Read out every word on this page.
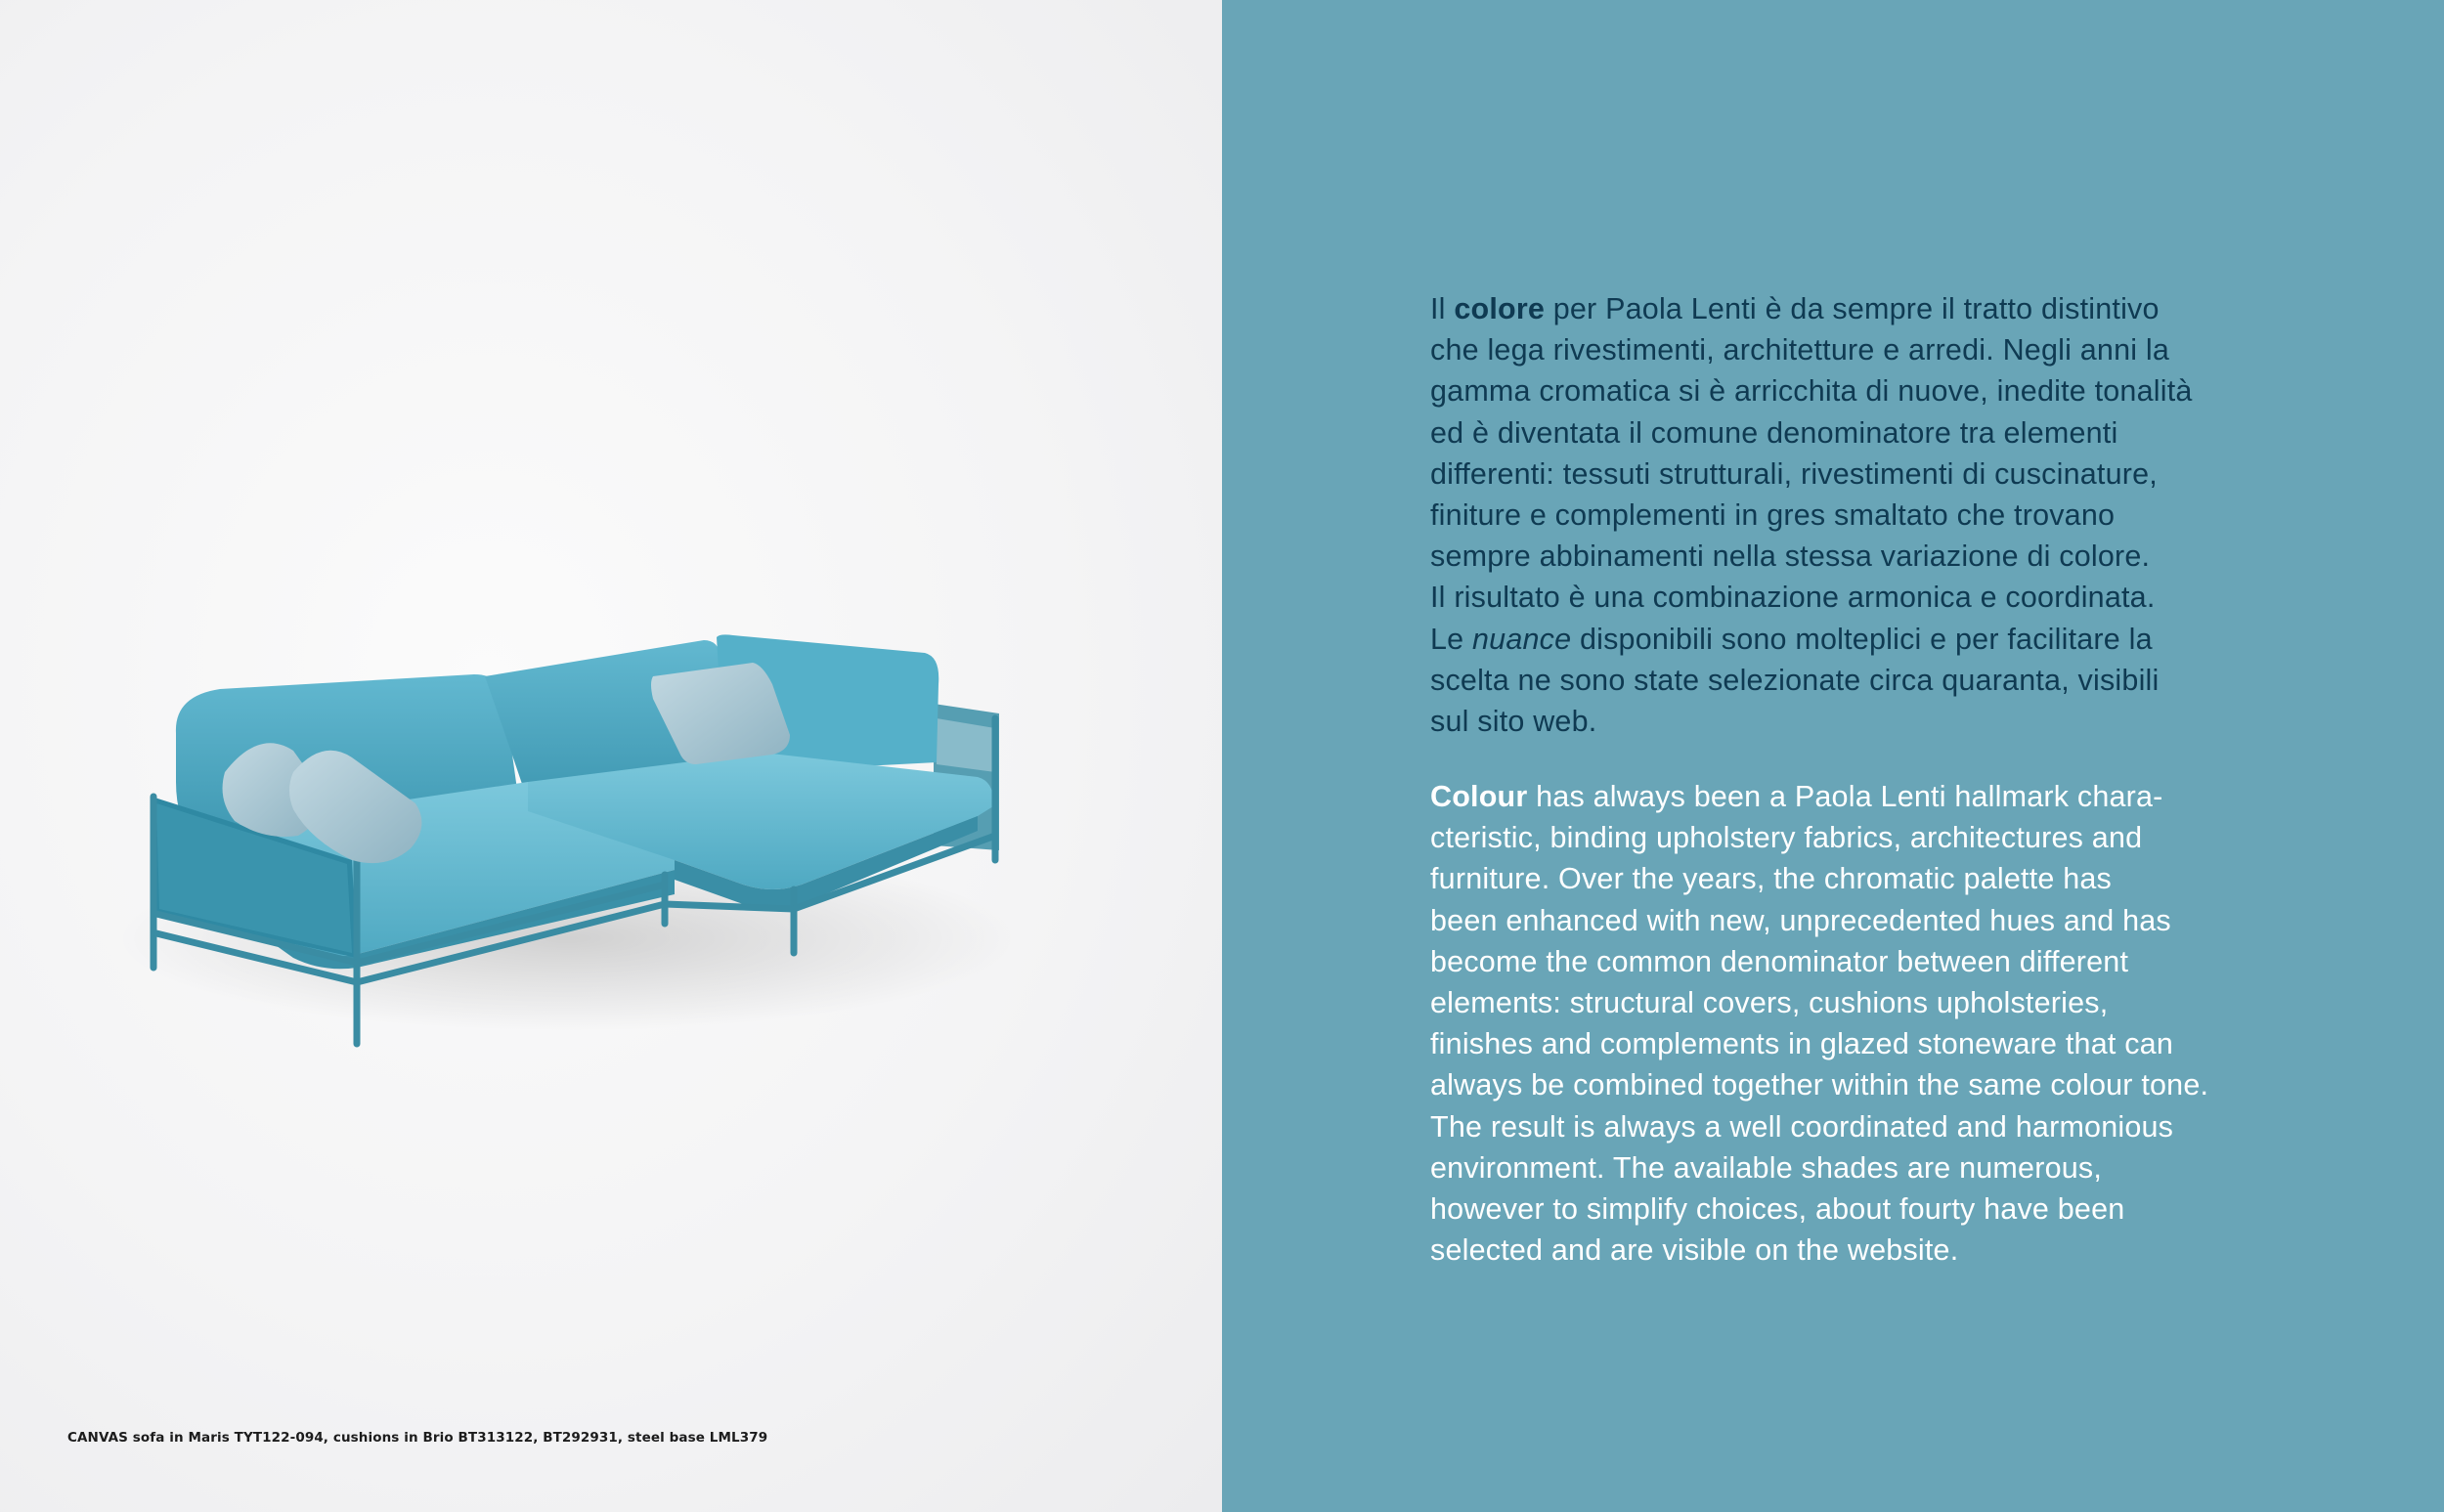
CANVAS sofa in Maris TYT122-094, cushions in Brio BT313122, BT292931, steel base LML379
Il colore per Paola Lenti è da sempre il tratto distintivo
che lega rivestimenti, architetture e arredi. Negli anni la
gamma cromatica si è arricchita di nuove, inedite tonalità
ed è diventata il comune denominatore tra elementi
differenti: tessuti strutturali, rivestimenti di cuscinature,
finiture e complementi in gres smaltato che trovano
sempre abbinamenti nella stessa variazione di colore.
Il risultato è una combinazione armonica e coordinata.
Le nuance disponibili sono molteplici e per facilitare la
scelta ne sono state selezionate circa quaranta, visibili
sul sito web.
Colour has always been a Paola Lenti hallmark chara-
cteristic, binding upholstery fabrics, architectures and
furniture. Over the years, the chromatic palette has
been enhanced with new, unprecedented hues and has
become the common denominator between different
elements: structural covers, cushions upholsteries,
finishes and complements in glazed stoneware that can
always be combined together within the same colour tone.
The result is always a well coordinated and harmonious
environment. The available shades are numerous,
however to simplify choices, about fourty have been
selected and are visible on the website.
